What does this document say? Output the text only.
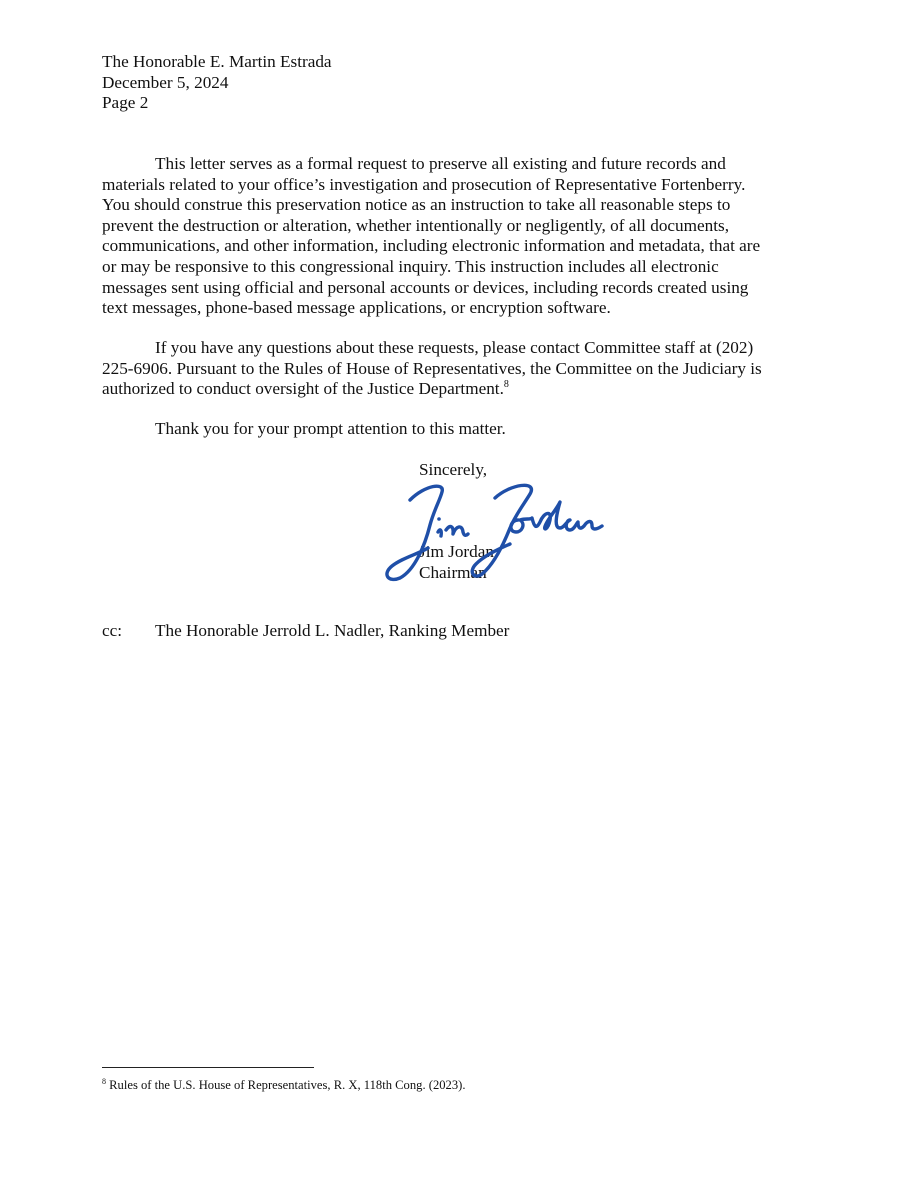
The Honorable E. Martin Estrada
December 5, 2024
Page 2

This letter serves as a formal request to preserve all existing and future records and materials related to your office’s investigation and prosecution of Representative Fortenberry. You should construe this preservation notice as an instruction to take all reasonable steps to prevent the destruction or alteration, whether intentionally or negligently, of all documents, communications, and other information, including electronic information and metadata, that are or may be responsive to this congressional inquiry. This instruction includes all electronic messages sent using official and personal accounts or devices, including records created using text messages, phone-based message applications, or encryption software.

If you have any questions about these requests, please contact Committee staff at (202) 225-6906. Pursuant to the Rules of House of Representatives, the Committee on the Judiciary is authorized to conduct oversight of the Justice Department.$^8$

Thank you for your prompt attention to this matter.

Sincerely,
Jim Jordan
Chairman
cc: The Honorable Jerrold L. Nadler, Ranking Member
$^8$ Rules of the U.S. House of Representatives, R. X, 118th Cong. (2023).
